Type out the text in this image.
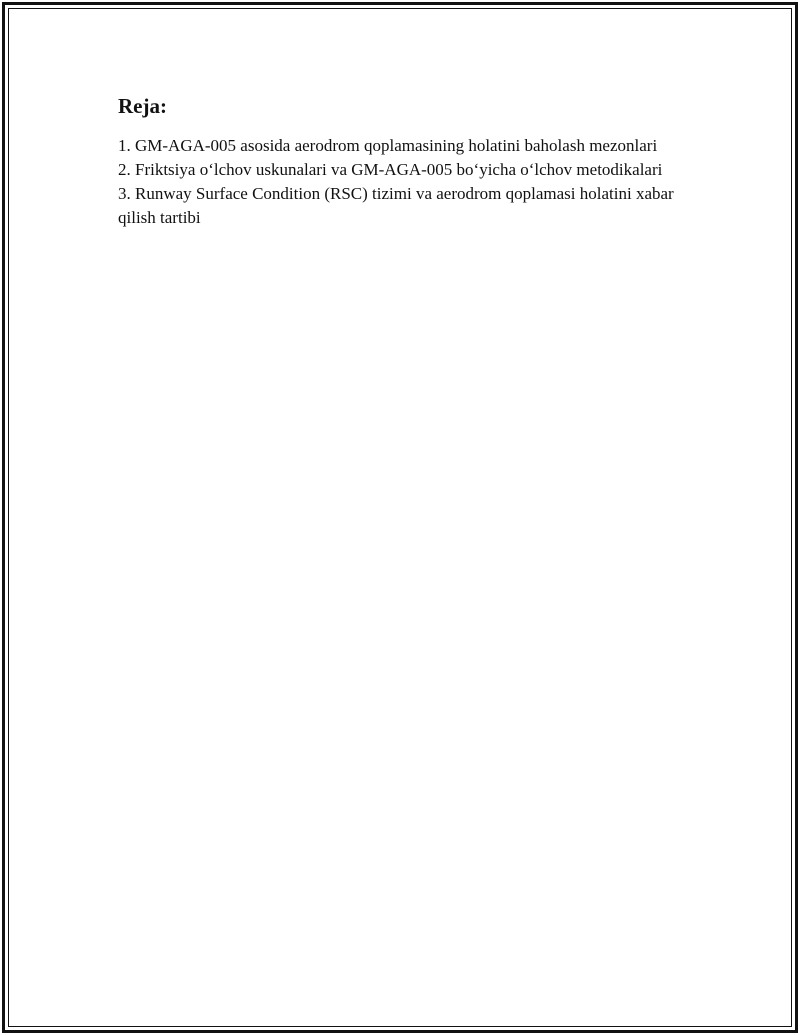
Reja:
1. GM-AGA-005 asosida aerodrom qoplamasining holatini baholash mezonlari
2. Friktsiya o‘lchov uskunalari va GM-AGA-005 bo‘yicha o‘lchov metodikalari
3. Runway Surface Condition (RSC) tizimi va aerodrom qoplamasi holatini xabar qilish tartibi
